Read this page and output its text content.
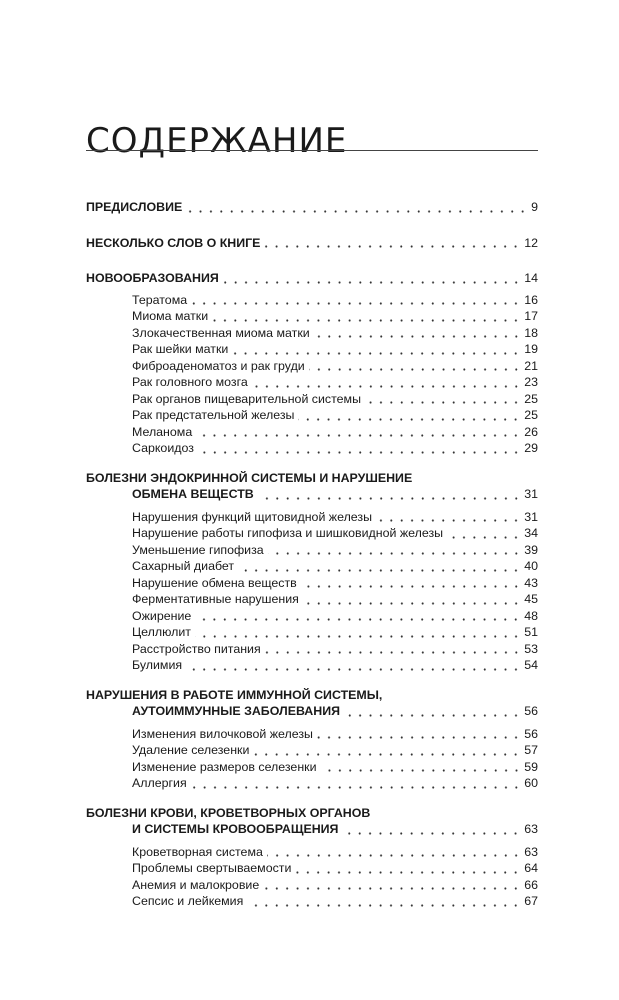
СОДЕРЖАНИЕ
ПРЕДИСЛОВИЕ	9
НЕСКОЛЬКО СЛОВ О КНИГЕ	12
НОВООБРАЗОВАНИЯ	14
Тератома	16
Миома матки	17
Злокачественная миома матки	18
Рак шейки матки	19
Фиброаденоматоз и рак груди	21
Рак головного мозга	23
Рак органов пищеварительной системы	25
Рак предстательной железы	25
Меланома	26
Саркоидоз	29
БОЛЕЗНИ ЭНДОКРИННОЙ СИСТЕМЫ И НАРУШЕНИЕ
ОБМЕНА ВЕЩЕСТВ	31
Нарушения функций щитовидной железы	31
Нарушение работы гипофиза и шишковидной железы	34
Уменьшение гипофиза	39
Сахарный диабет	40
Нарушение обмена веществ	43
Ферментативные нарушения	45
Ожирение	48
Целлюлит	51
Расстройство питания	53
Булимия	54
НАРУШЕНИЯ В РАБОТЕ ИММУННОЙ СИСТЕМЫ,
АУТОИММУННЫЕ ЗАБОЛЕВАНИЯ	56
Изменения вилочковой железы	56
Удаление селезенки	57
Изменение размеров селезенки	59
Аллергия	60
БОЛЕЗНИ КРОВИ, КРОВЕТВОРНЫХ ОРГАНОВ
И СИСТЕМЫ КРОВООБРАЩЕНИЯ	63
Кроветворная система	63
Проблемы свертываемости	64
Анемия и малокровие	66
Сепсис и лейкемия	67
